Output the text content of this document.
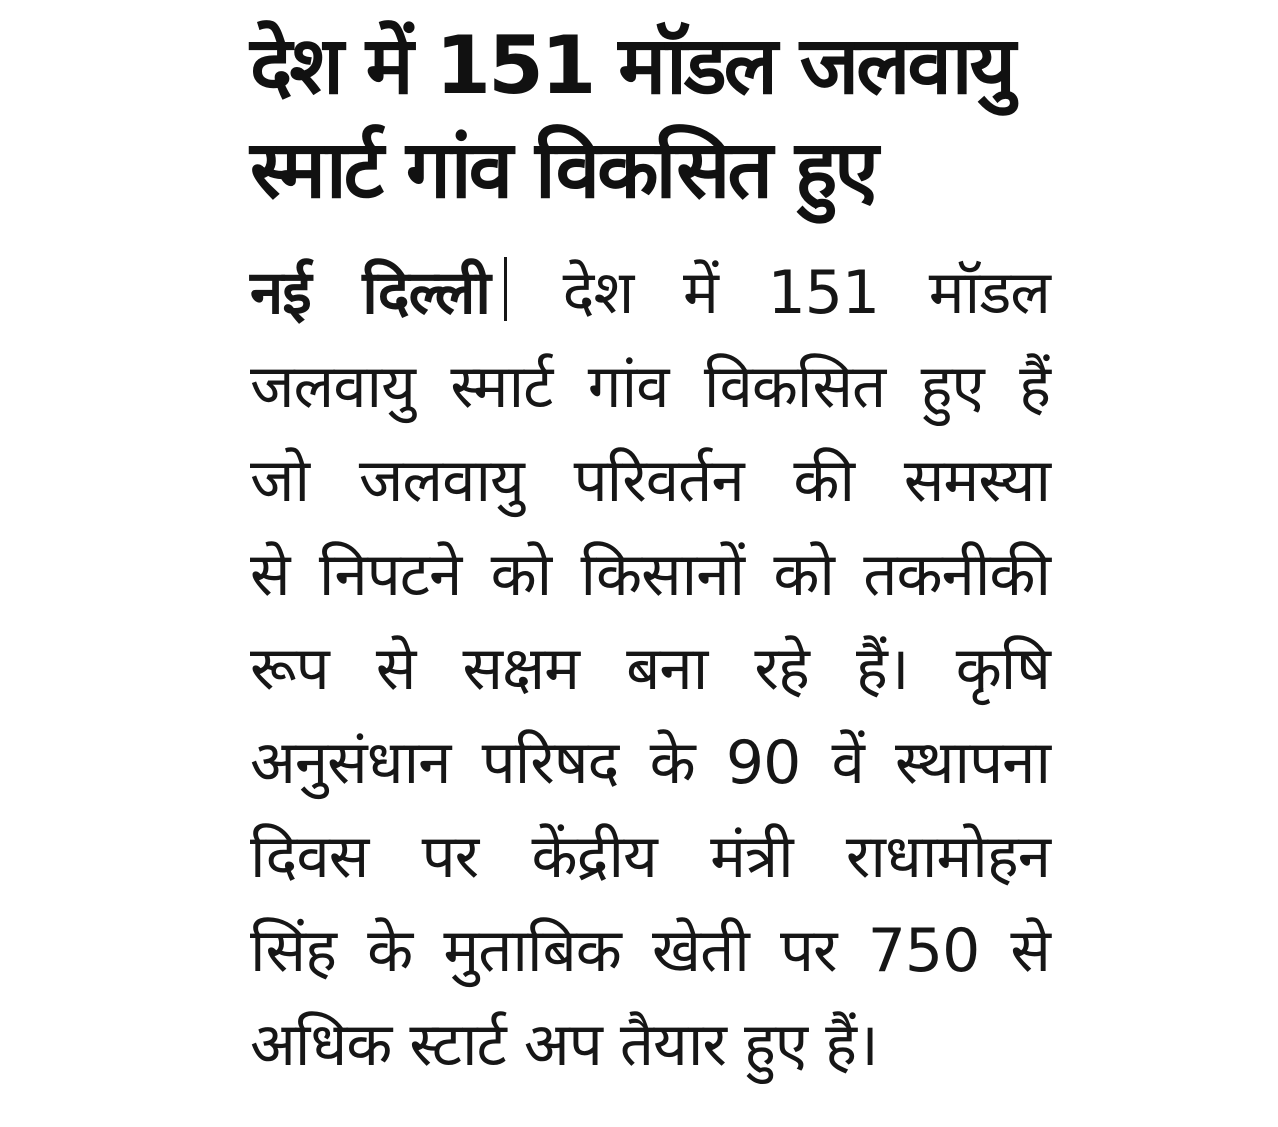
देश में 151 मॉडल जलवायु
स्मार्ट गांव विकसित हुए
नई दिल्ली देश में 151 मॉडल
जलवायु स्मार्ट गांव विकसित हुए हैं
जो जलवायु परिवर्तन की समस्या
से निपटने को किसानों को तकनीकी
रूप से सक्षम बना रहे हैं। कृषि
अनुसंधान परिषद के 90 वें स्थापना
दिवस पर केंद्रीय मंत्री राधामोहन
सिंह के मुताबिक खेती पर 750 से
अधिक स्टार्ट अप तैयार हुए हैं।
